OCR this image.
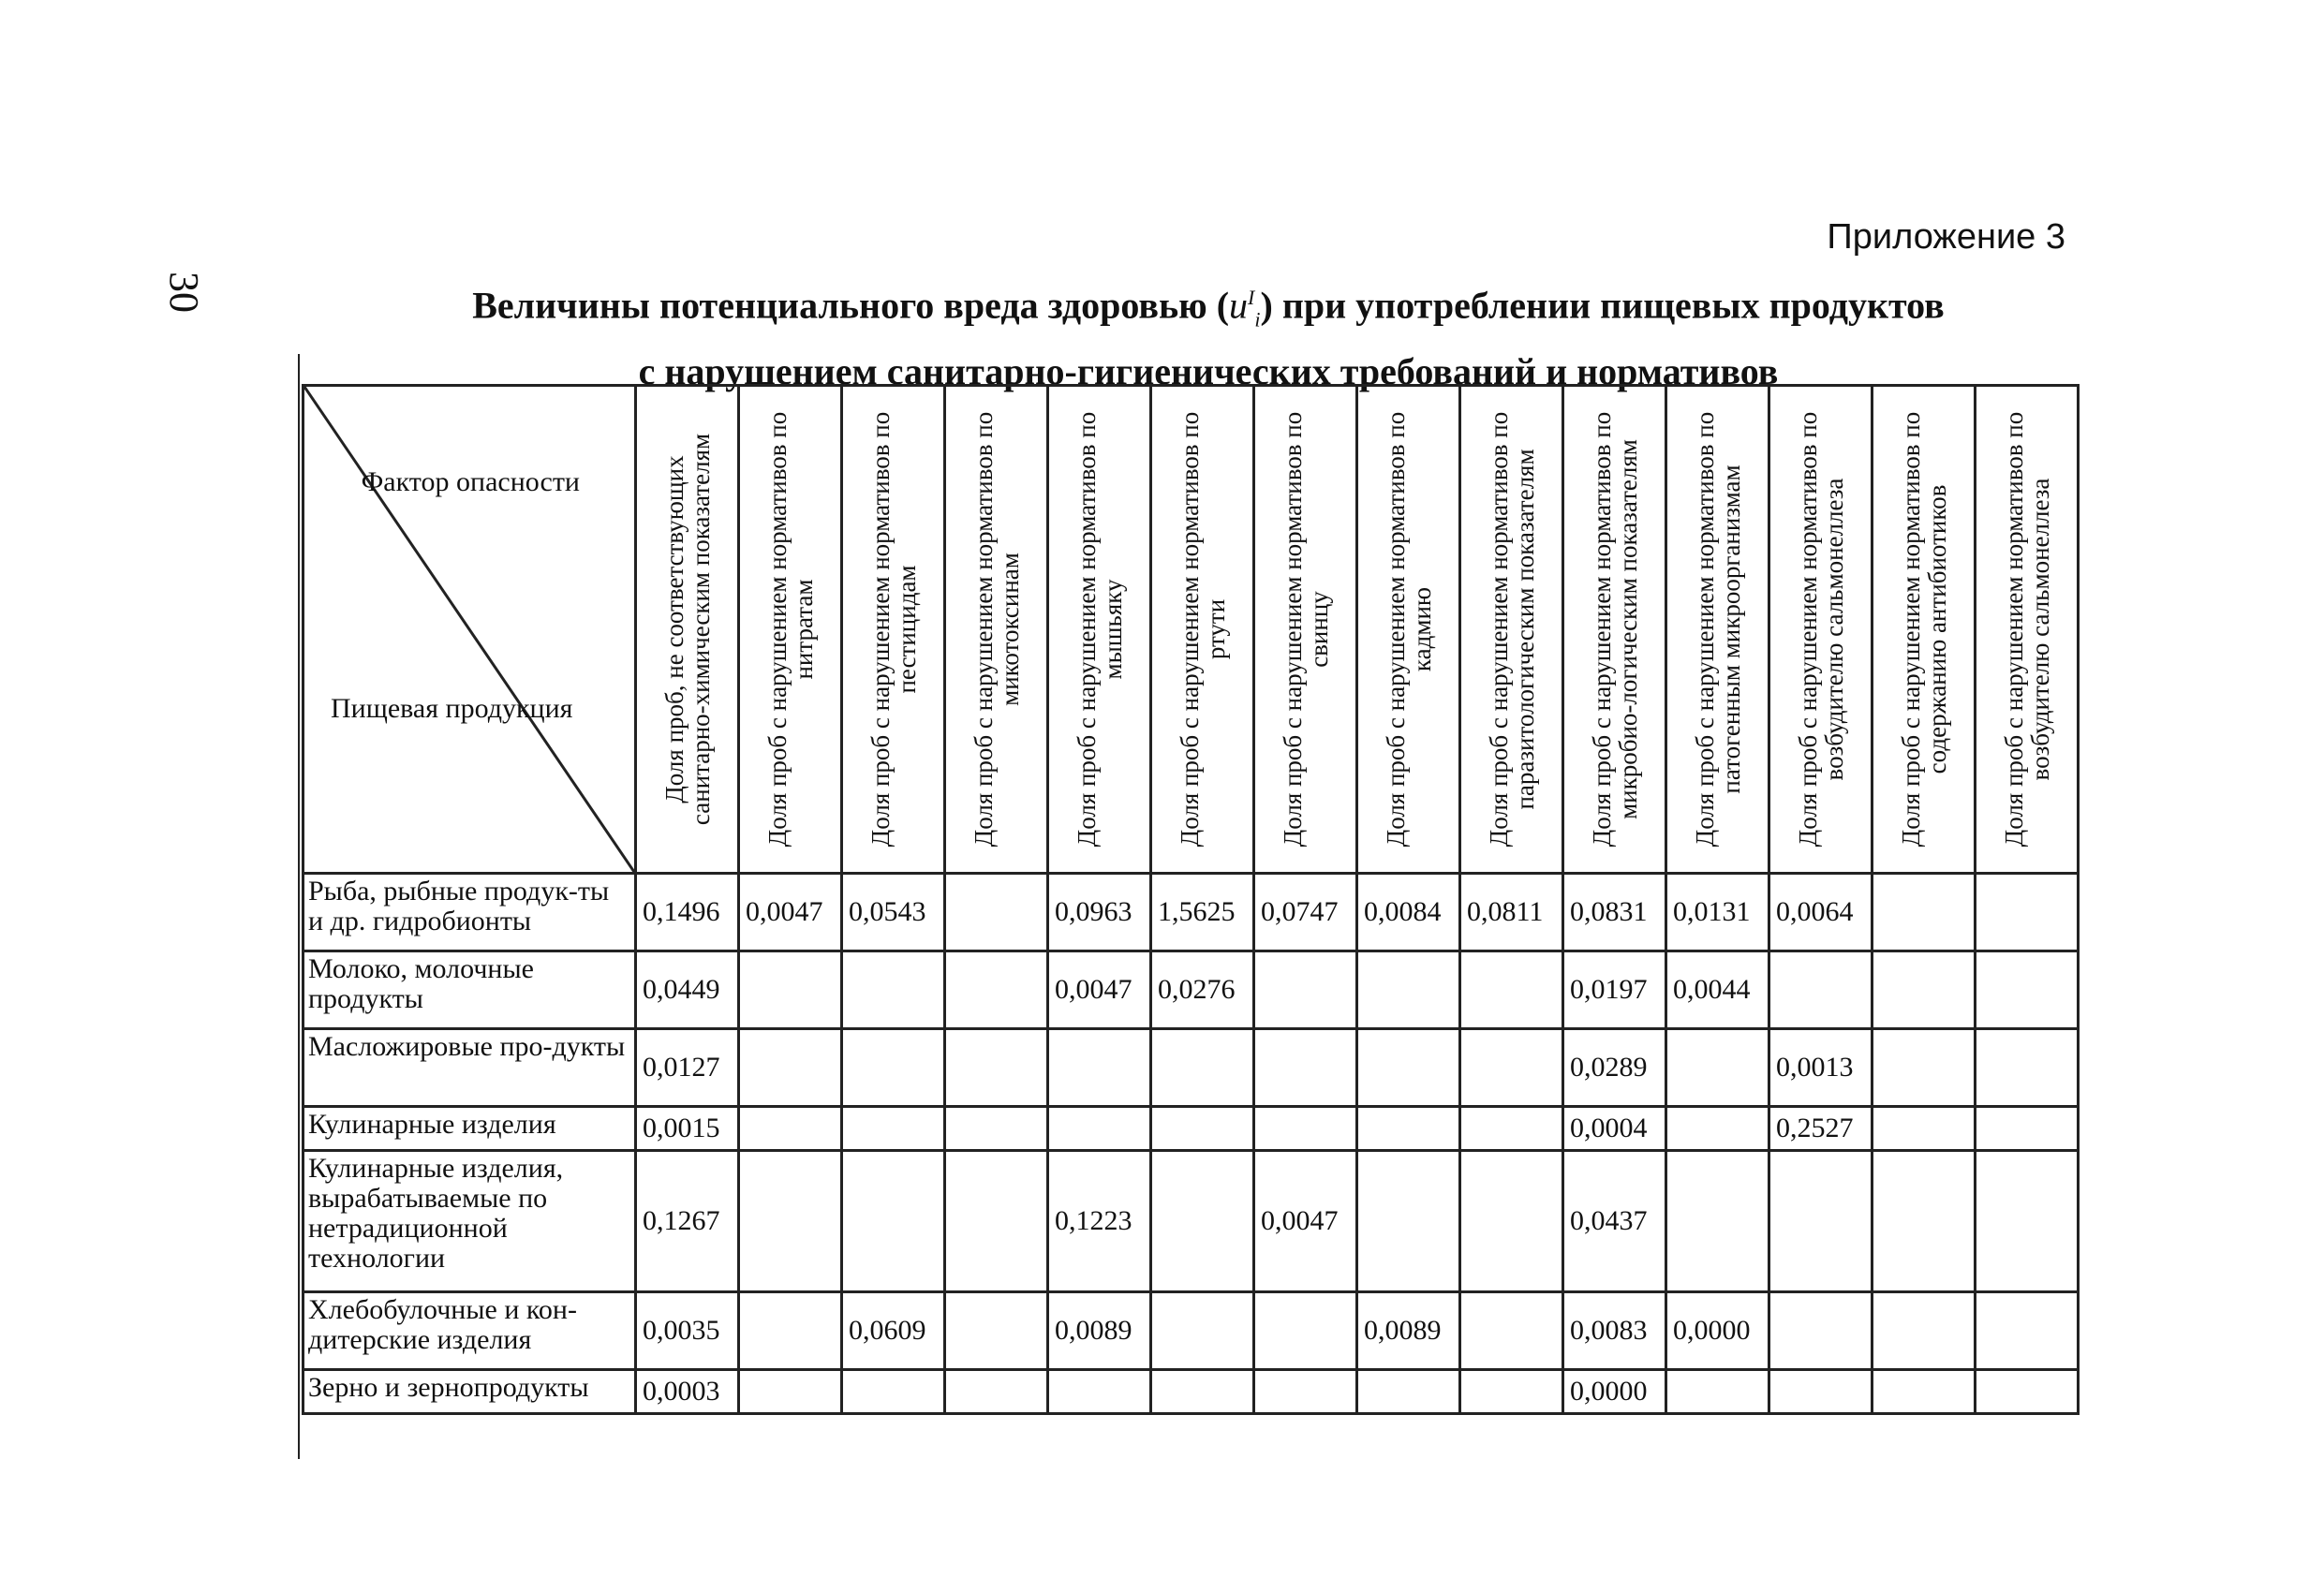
30
Приложение 3
Величины потенциального вреда здоровью $(u^I_i)$ при употреблении пищевых продуктов
с нарушением санитарно-гигиенических требований и нормативов
Фактор опасности
Пищевая продукция	Доля проб, не соответствующих санитарно-химическим показателям	Доля проб с нарушением нормативов по нитратам	Доля проб с нарушением нормативов по пестицидам	Доля проб с нарушением нормативов по микотоксинам	Доля проб с нарушением нормативов по мышьяку	Доля проб с нарушением нормативов по ртути	Доля проб с нарушением нормативов по свинцу	Доля проб с нарушением нормативов по кадмию	Доля проб с нарушением нормативов по паразитологическим показателям	Доля проб с нарушением нормативов по микробио-логическим показателям	Доля проб с нарушением нормативов по патогенным микроорганизмам	Доля проб с нарушением нормативов по возбудителю сальмонеллеза	Доля проб с нарушением нормативов по содержанию антибиотиков	Доля проб с нарушением нормативов по возбудителю сальмонеллеза

Рыба, рыбные продук-ты и др. гидробионты	0,1496	0,0047	0,0543		0,0963	1,5625	0,0747	0,0084	0,0811	0,0831	0,0131	0,0064		
Молоко, молочные продукты	0,0449				0,0047	0,0276				0,0197	0,0044			
Масложировые про-дукты	0,0127									0,0289		0,0013		
Кулинарные изделия	0,0015									0,0004		0,2527		
Кулинарные изделия, вырабатываемые по нетрадиционной технологии	0,1267				0,1223		0,0047			0,0437				
Хлебобулочные и кон-дитерские изделия	0,0035		0,0609		0,0089			0,0089		0,0083	0,0000			
Зерно и зернопродукты	0,0003									0,0000				
